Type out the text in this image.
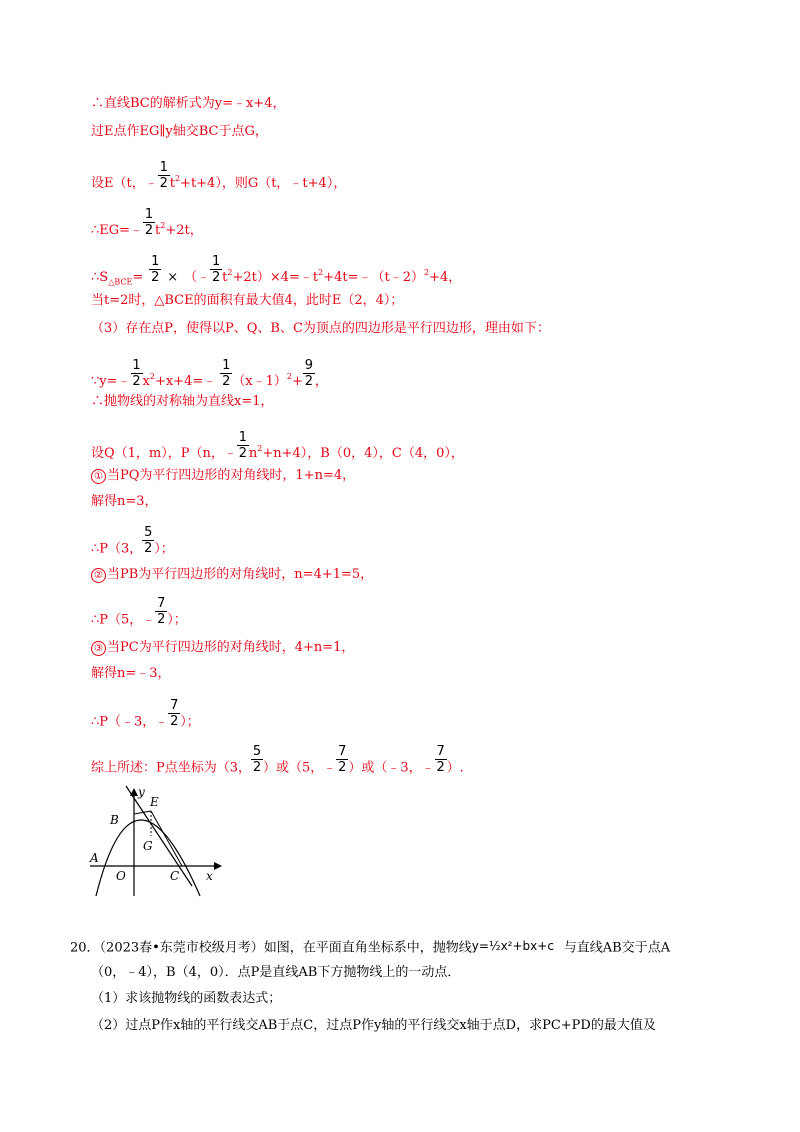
∴直线BC的解析式为y=﹣x+4，
过E点作EG∥y轴交BC于点G，
设E（t，﹣ $\frac{1}{2} t^2+t+4$），则G（t，﹣t+4），
∴EG=﹣ $\frac{1}{2} t^2+2t$，
$\therefore S_{\triangle BCE}= \frac{1}{2}$ × （﹣ $\frac{1}{2}$ $t^2+2t)\times 4=﹣t^2+4t=﹣(t﹣2)^2+4$，
当t=2时，△BCE的面积有最大值4，此时E（2，4）；
（3）存在点P，使得以P、Q、B、C为顶点的四边形是平行四边形，理由如下：
∵y=﹣ $\frac{1}{2}$ $x^2+x+4=﹣ \frac{1}{2}$ （x﹣1）$^2$+ $\frac{9}{2}$ ，
∴抛物线的对称轴为直线x=1，
设Q（1，m），P（n，﹣ $\frac{1}{2} n^2+n+4$），B（0，4），C（4，0），
① 当PQ为平行四边形的对角线时，1+n=4，
解得n=3，
∴P（3， $\frac{5}{2}$ ）；
② 当PB为平行四边形的对角线时，n=4+1=5，
∴P（5，﹣ $\frac{7}{2}$ ）；
③ 当PC为平行四边形的对角线时，4+n=1，
解得n=﹣3，
∴P（﹣3，﹣ $\frac{7}{2}$ ）；
综上所述：P点坐标为（3， $\frac{5}{2}$ ）或（5，﹣ $\frac{7}{2}$ ）或（﹣3，﹣ $\frac{7}{2}$ ）.
y
E
B
G
A
O	C x
20．（2023春•东莞市校级月考）如图，在平面直角坐标系中，抛物线y=½x²+bx+c 与直线AB交于点A
（0，﹣4），B（4，0）．点P是直线AB下方抛物线上的一动点．
（1）求该抛物线的函数表达式；
（2）过点P作x轴的平行线交AB于点C，过点P作y轴的平行线交x轴于点D，求PC+PD的最大值及
